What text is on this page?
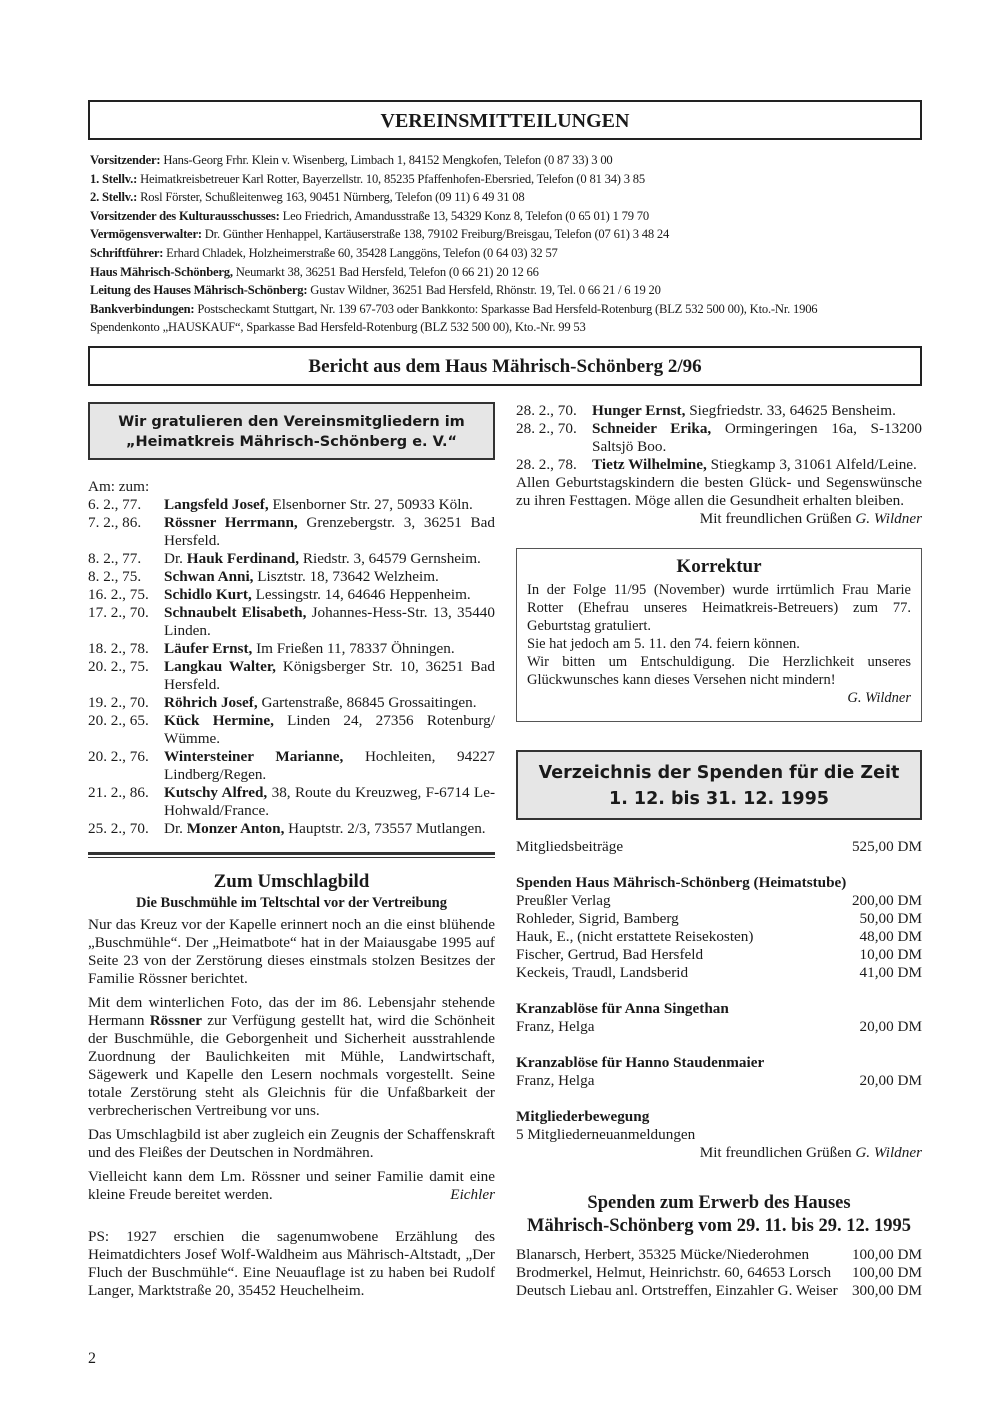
VEREINSMITTEILUNGEN
Vorsitzender: Hans-Georg Frhr. Klein v. Wisenberg, Limbach 1, 84152 Mengkofen, Telefon (0 87 33) 3 00
1. Stellv.: Heimatkreisbetreuer Karl Rotter, Bayerzellstr. 10, 85235 Pfaffenhofen-Ebersried, Telefon (0 81 34) 3 85
2. Stellv.: Rosl Förster, Schußleitenweg 163, 90451 Nürnberg, Telefon (09 11) 6 49 31 08
Vorsitzender des Kulturausschusses: Leo Friedrich, Amandusstraße 13, 54329 Konz 8, Telefon (0 65 01) 1 79 70
Vermögensverwalter: Dr. Günther Henhappel, Kartäuserstraße 138, 79102 Freiburg/Breisgau, Telefon (07 61) 3 48 24
Schriftführer: Erhard Chladek, Holzheimerstraße 60, 35428 Langgöns, Telefon (0 64 03) 32 57
Haus Mährisch-Schönberg, Neumarkt 38, 36251 Bad Hersfeld, Telefon (0 66 21) 20 12 66
Leitung des Hauses Mährisch-Schönberg: Gustav Wildner, 36251 Bad Hersfeld, Rhönstr. 19, Tel. 0 66 21 / 6 19 20
Bankverbindungen: Postscheckamt Stuttgart, Nr. 139 67-703 oder Bankkonto: Sparkasse Bad Hersfeld-Rotenburg (BLZ 532 500 00), Kto.-Nr. 1906
Spendenkonto „HAUSKAUF“, Sparkasse Bad Hersfeld-Rotenburg (BLZ 532 500 00), Kto.-Nr. 99 53
Bericht aus dem Haus Mährisch-Schönberg 2/96
Wir gratulieren den Vereinsmitgliedern im
„Heimatkreis Mährisch-Schönberg e. V.“
Am: zum:
6. 2., 77.	Langsfeld Josef, Elsenborner Str. 27, 50933 Köln.
7. 2., 86.	Rössner Herrmann, Grenzebergstr. 3, 36251 Bad Hersfeld.
8. 2., 77.	Dr. Hauk Ferdinand, Riedstr. 3, 64579 Gernsheim.
8. 2., 75.	Schwan Anni, Lisztstr. 18, 73642 Welzheim.
16. 2., 75.	Schidlo Kurt, Lessingstr. 14, 64646 Heppenheim.
17. 2., 70.	Schnaubelt Elisabeth, Johannes-Hess-Str. 13, 35440 Linden.
18. 2., 78.	Läufer Ernst, Im Frießen 11, 78337 Öhningen.
20. 2., 75.	Langkau Walter, Königsberger Str. 10, 36251 Bad Hersfeld.
19. 2., 70.	Röhrich Josef, Gartenstraße, 86845 Grossaitingen.
20. 2., 65.	Kück Hermine, Linden 24, 27356 Rotenburg/ Wümme.
20. 2., 76.	Wintersteiner Marianne, Hochleiten, 94227 Lindberg/Regen.
21. 2., 86.	Kutschy Alfred, 38, Route du Kreuzweg, F-6714 Le-Hohwald/France.
25. 2., 70.	Dr. Monzer Anton, Hauptstr. 2/3, 73557 Mutlangen.
Zum Umschlagbild
Die Buschmühle im Teltschtal vor der Vertreibung

Nur das Kreuz vor der Kapelle erinnert noch an die einst blühende „Buschmühle“. Der „Heimatbote“ hat in der Maiausgabe 1995 auf Seite 23 von der Zerstörung dieses einstmals stolzen Besitzes der Familie Rössner berichtet.

Mit dem winterlichen Foto, das der im 86. Lebensjahr stehende Hermann Rössner zur Verfügung gestellt hat, wird die Schönheit der Buschmühle, die Geborgenheit und Sicherheit ausstrahlende Zuordnung der Baulichkeiten mit Mühle, Landwirtschaft, Sägewerk und Kapelle den Lesern nochmals vorgestellt. Seine totale Zerstörung steht als Gleichnis für die Unfaßbarkeit der verbrecherischen Vertreibung vor uns.

Das Umschlagbild ist aber zugleich ein Zeugnis der Schaffenskraft und des Fleißes der Deutschen in Nordmähren.

Vielleicht kann dem Lm. Rössner und seiner Familie damit eine kleine Freude bereitet werden.	Eichler

PS: 1927 erschien die sagenumwobene Erzählung des Heimatdichters Josef Wolf-Waldheim aus Mährisch-Altstadt, „Der Fluch der Buschmühle“. Eine Neuauflage ist zu haben bei Rudolf Langer, Marktstraße 20, 35452 Heuchelheim.

28. 2., 70.	Hunger Ernst, Siegfriedstr. 33, 64625 Bensheim.
28. 2., 70.	Schneider Erika, Ormingeringen 16a, S-13200 Saltsjö Boo.
28. 2., 78.	Tietz Wilhelmine, Stiegkamp 3, 31061 Alfeld/Leine.
Allen Geburtstagskindern die besten Glück- und Segenswünsche zu ihren Festtagen. Möge allen die Gesundheit erhalten bleiben.
Mit freundlichen Grüßen G. Wildner
Korrektur
In der Folge 11/95 (November) wurde irrtümlich Frau Marie Rotter (Ehefrau unseres Heimatkreis-Betreuers) zum 77. Geburtstag gratuliert.
Sie hat jedoch am 5. 11. den 74. feiern können.
Wir bitten um Entschuldigung. Die Herzlichkeit unseres Glückwunsches kann dieses Versehen nicht mindern!
G. Wildner
Verzeichnis der Spenden für die Zeit
1. 12. bis 31. 12. 1995
Mitgliedsbeiträge	525,00 DM
Spenden Haus Mährisch-Schönberg (Heimatstube)
Preußler Verlag	200,00 DM
Rohleder, Sigrid, Bamberg	50,00 DM
Hauk, E., (nicht erstattete Reisekosten)	48,00 DM
Fischer, Gertrud, Bad Hersfeld	10,00 DM
Keckeis, Traudl, Landsberid	41,00 DM
Kranzablöse für Anna Singethan
Franz, Helga	20,00 DM
Kranzablöse für Hanno Staudenmaier
Franz, Helga	20,00 DM
Mitgliederbewegung
5 Mitgliederneuanmeldungen
Mit freundlichen Grüßen G. Wildner
Spenden zum Erwerb des Hauses
Mährisch-Schönberg vom 29. 11. bis 29. 12. 1995
Blanarsch, Herbert, 35325 Mücke/Niederohmen	100,00 DM
Brodmerkel, Helmut, Heinrichstr. 60, 64653 Lorsch 100,00 DM
Deutsch Liebau anl. Ortstreffen, Einzahler G. Weiser 300,00 DM
2
